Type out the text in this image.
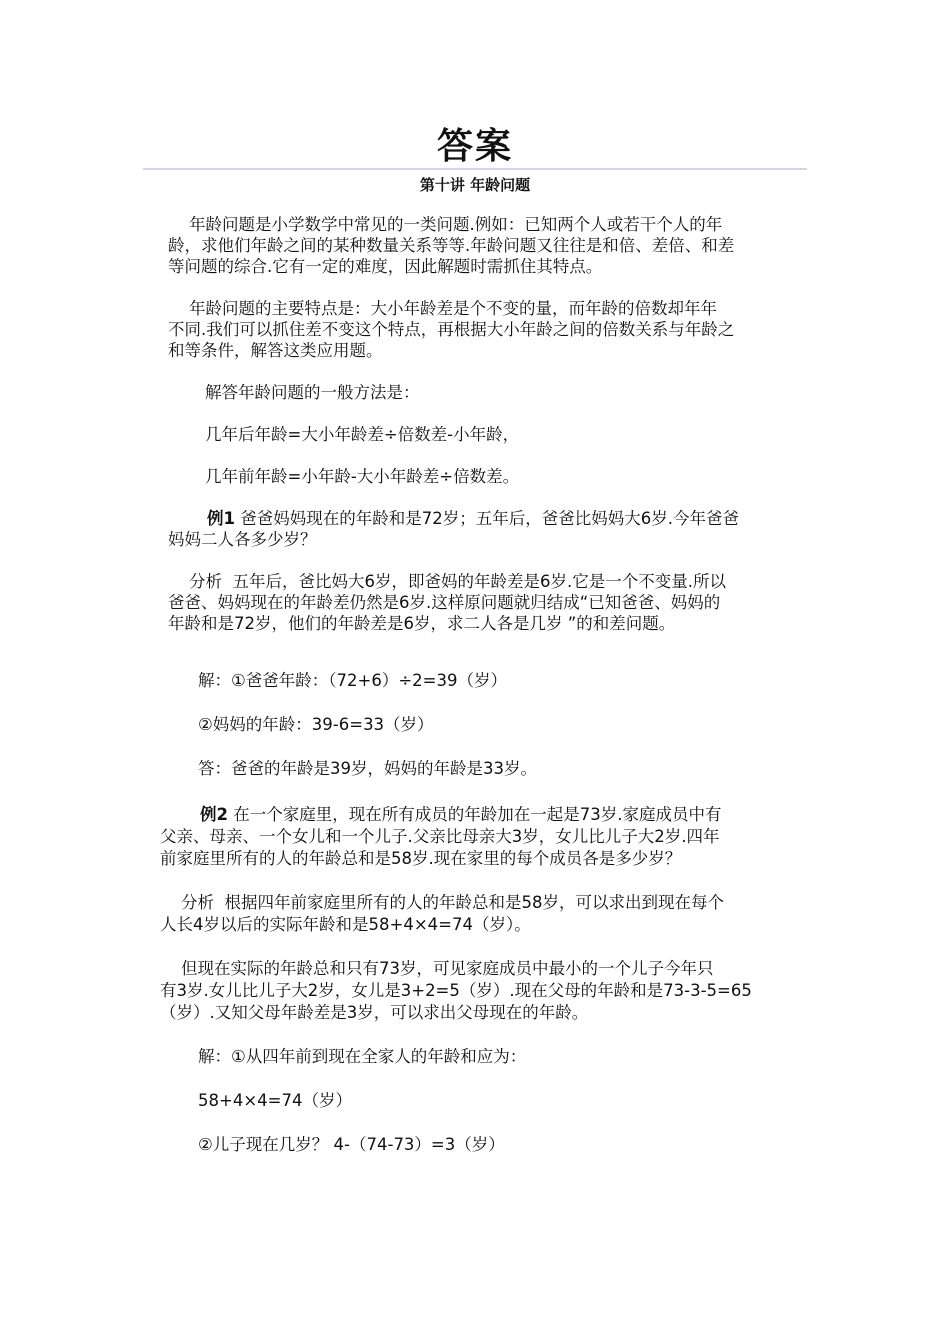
答案
第十讲 年龄问题
年龄问题是小学数学中常见的一类问题.例如：已知两个人或若干个人的年
龄，求他们年龄之间的某种数量关系等等.年龄问题又往往是和倍、差倍、和差
等问题的综合.它有一定的难度，因此解题时需抓住其特点。
年龄问题的主要特点是：大小年龄差是个不变的量，而年龄的倍数却年年
不同.我们可以抓住差不变这个特点，再根据大小年龄之间的倍数关系与年龄之
和等条件，解答这类应用题。
解答年龄问题的一般方法是：
几年后年龄=大小年龄差÷倍数差-小年龄，
几年前年龄=小年龄-大小年龄差÷倍数差。
例1 爸爸妈妈现在的年龄和是72岁；五年后，爸爸比妈妈大6岁.今年爸爸
妈妈二人各多少岁？
分析  五年后，爸比妈大6岁，即爸妈的年龄差是6岁.它是一个不变量.所以
爸爸、妈妈现在的年龄差仍然是6岁.这样原问题就归结成“已知爸爸、妈妈的
年龄和是72岁，他们的年龄差是6岁，求二人各是几岁 ”的和差问题。
解：①爸爸年龄：（72+6）÷2=39（岁）
②妈妈的年龄：39-6=33（岁）
答：爸爸的年龄是39岁，妈妈的年龄是33岁。
例2 在一个家庭里，现在所有成员的年龄加在一起是73岁.家庭成员中有
父亲、母亲、一个女儿和一个儿子.父亲比母亲大3岁，女儿比儿子大2岁.四年
前家庭里所有的人的年龄总和是58岁.现在家里的每个成员各是多少岁？
分析  根据四年前家庭里所有的人的年龄总和是58岁，可以求出到现在每个
人长4岁以后的实际年龄和是58+4×4=74（岁）。
但现在实际的年龄总和只有73岁，可见家庭成员中最小的一个儿子今年只
有3岁.女儿比儿子大2岁，女儿是3+2=5（岁）.现在父母的年龄和是73-3-5=65
（岁）.又知父母年龄差是3岁，可以求出父母现在的年龄。
解：①从四年前到现在全家人的年龄和应为：
58+4×4=74（岁）
②儿子现在几岁？ 4-（74-73）=3（岁）
